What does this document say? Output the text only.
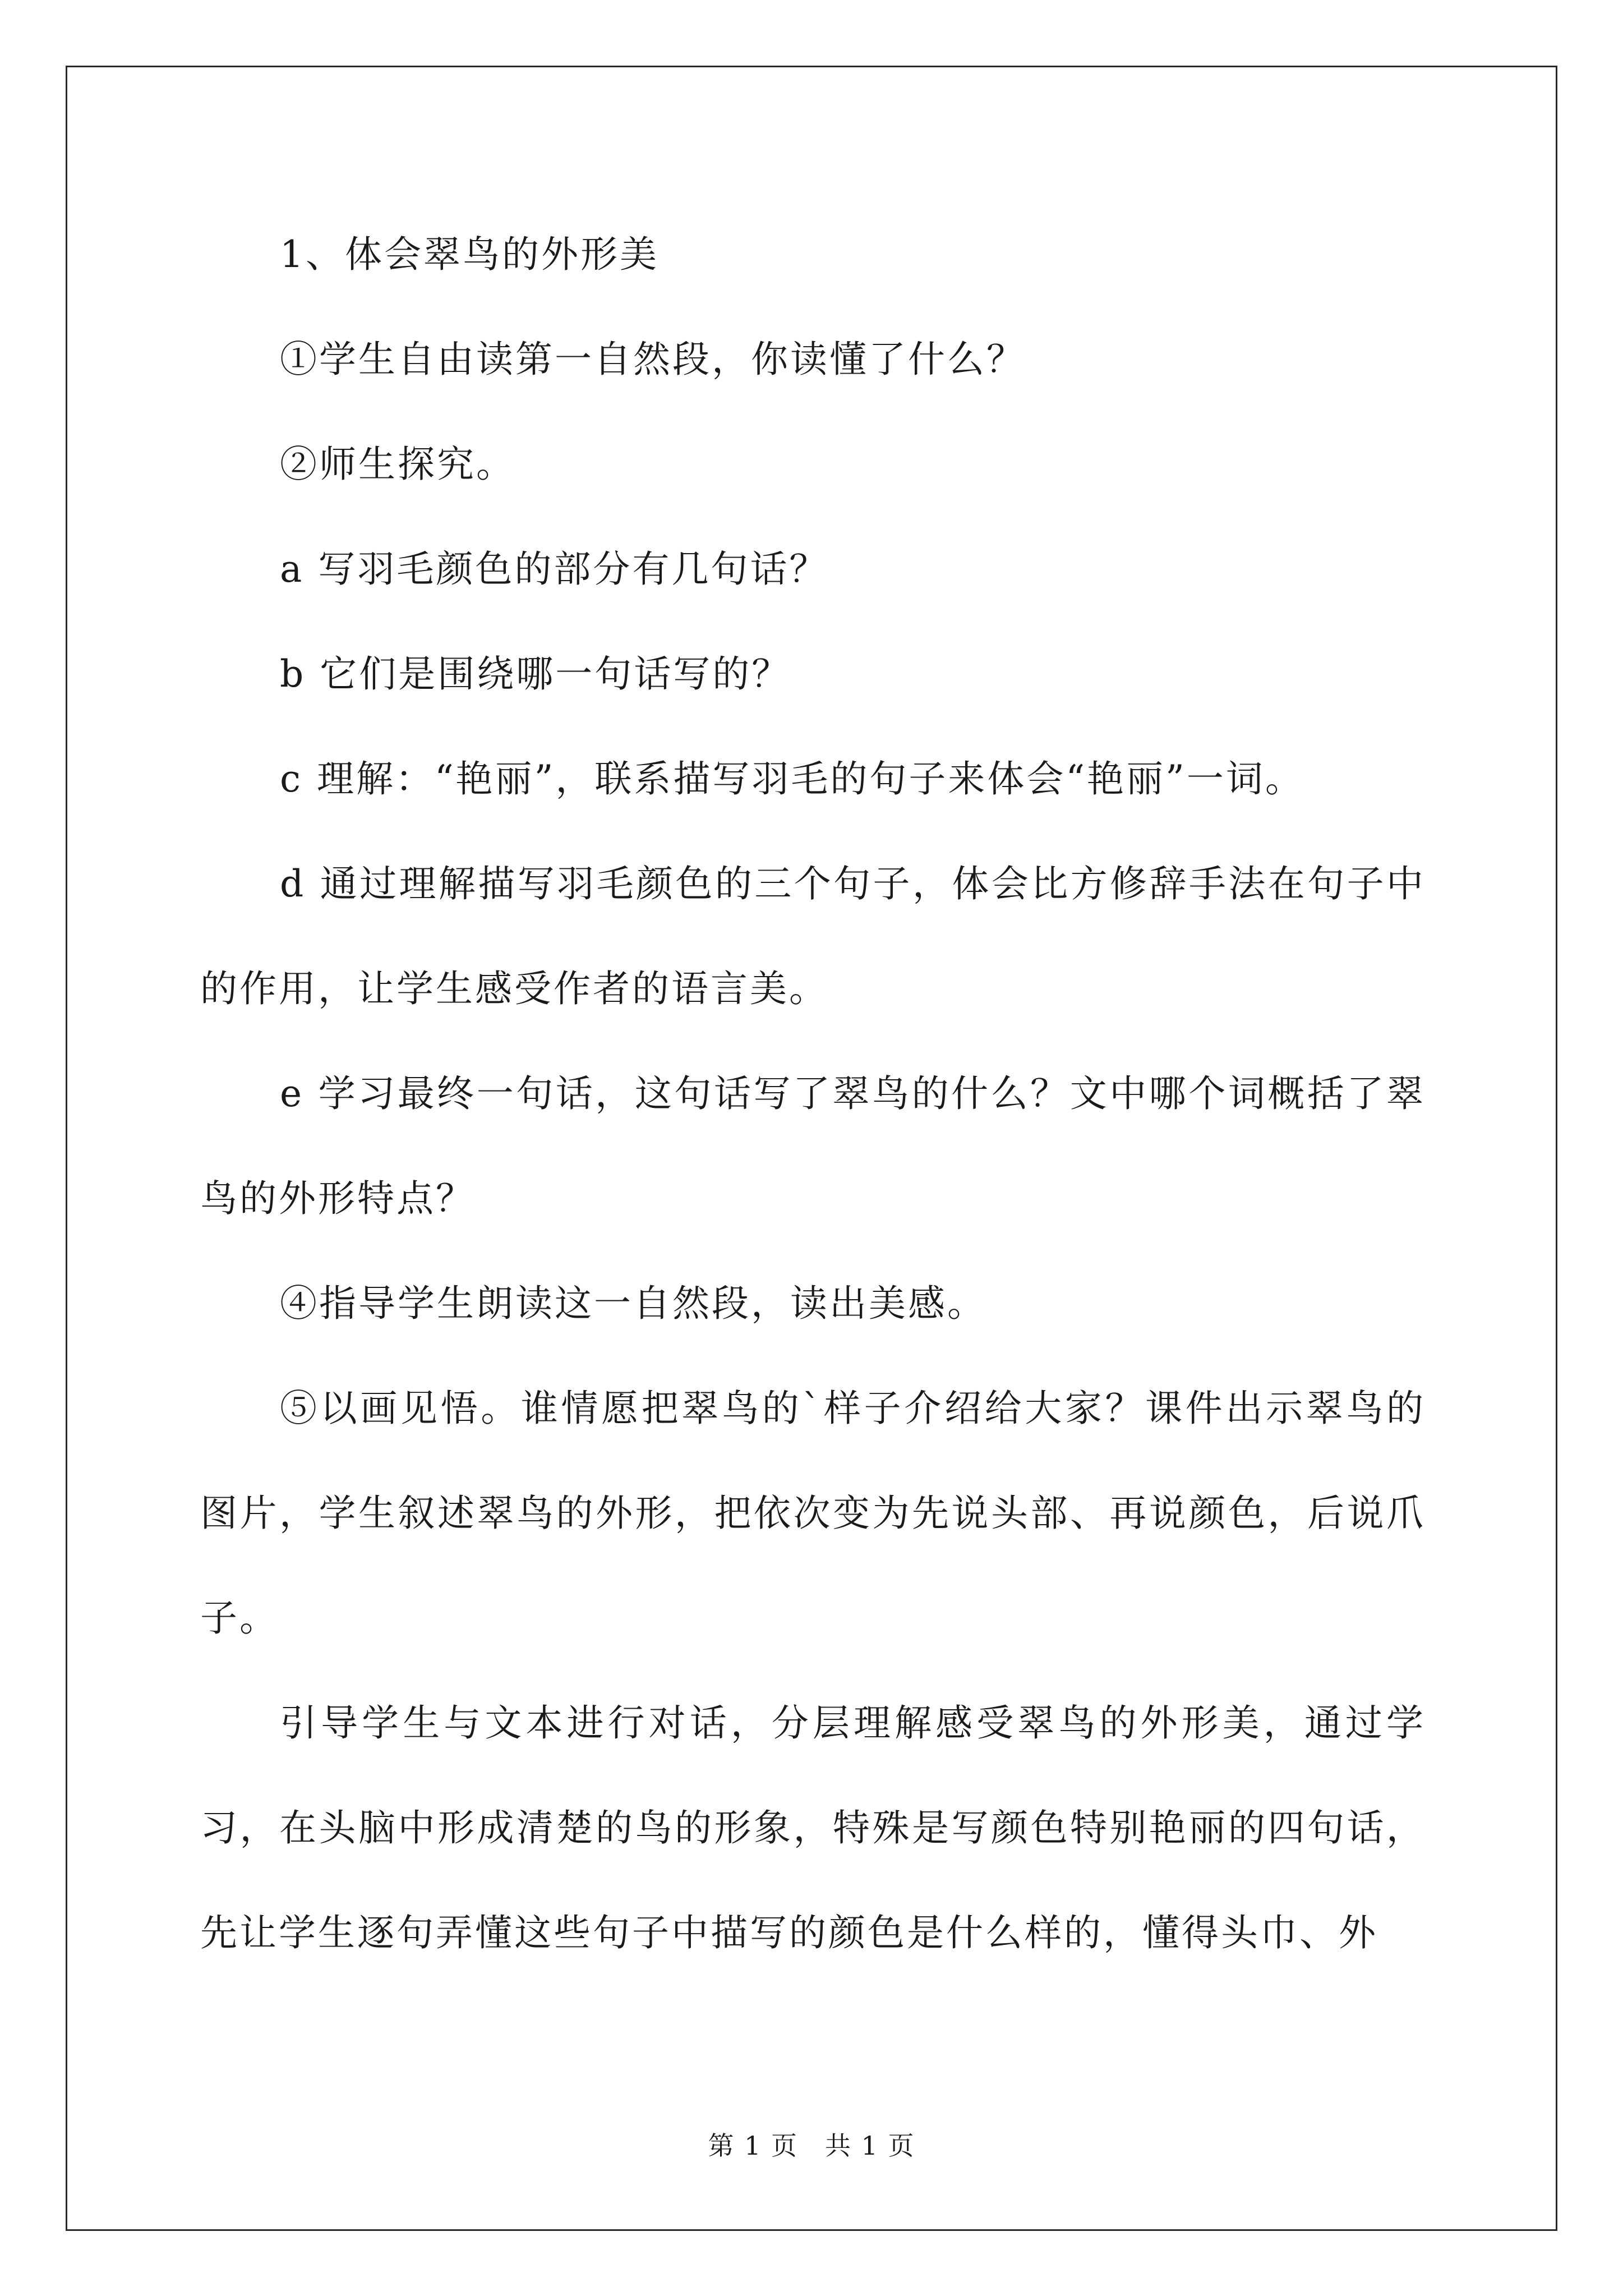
1、体会翠鸟的外形美

①学生自由读第一自然段，你读懂了什么？

②师生探究。

a 写羽毛颜色的部分有几句话？

b 它们是围绕哪一句话写的？

c 理解：“艳丽”，联系描写羽毛的句子来体会“艳丽”一词。

d 通过理解描写羽毛颜色的三个句子，体会比方修辞手法在句子中的作用，让学生感受作者的语言美。

e 学习最终一句话，这句话写了翠鸟的什么？文中哪个词概括了翠鸟的外形特点？

④指导学生朗读这一自然段，读出美感。

⑤以画见悟。谁情愿把翠鸟的`样子介绍给大家？课件出示翠鸟的图片，学生叙述翠鸟的外形，把依次变为先说头部、再说颜色，后说爪子。

引导学生与文本进行对话，分层理解感受翠鸟的外形美，通过学习，在头脑中形成清楚的鸟的形象，特殊是写颜色特别艳丽的四句话，先让学生逐句弄懂这些句子中描写的颜色是什么样的，懂得头巾、外

第 1 页 共 1 页
